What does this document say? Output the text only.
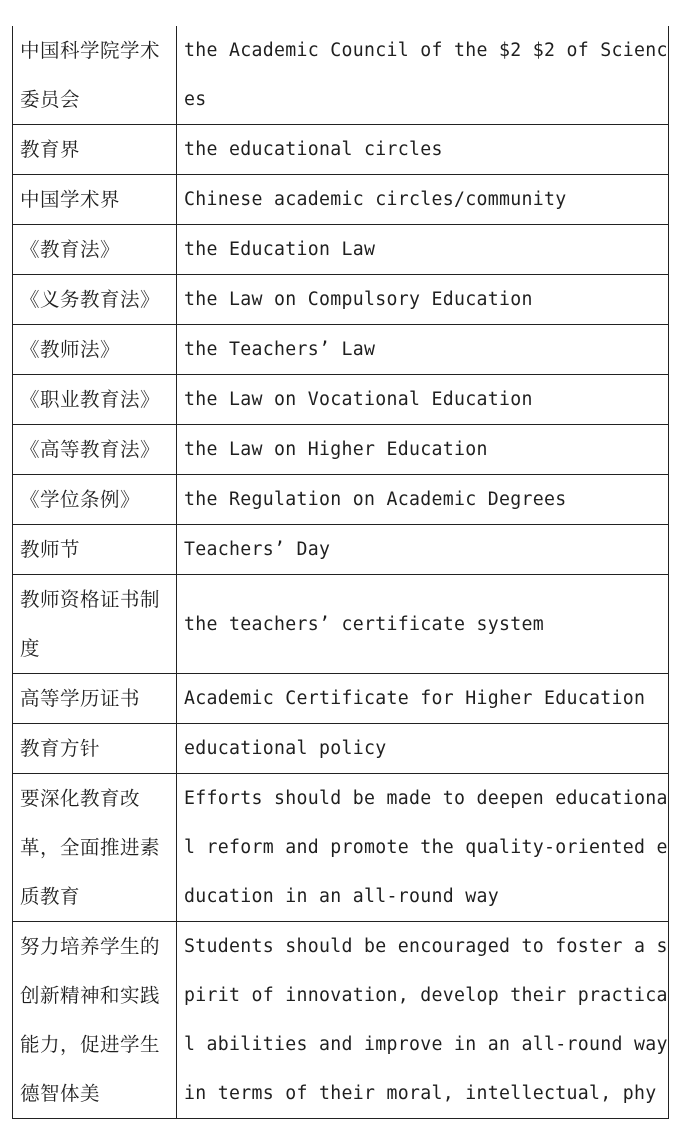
中国科学院学术委员会	the Academic Council of the $2 $2 of Scienc
es

教育界	the educational circles

中国学术界	Chinese academic circles/community

《教育法》	the Education Law

《义务教育法》	the Law on Compulsory Education

《教师法》	the Teachers’ Law

《职业教育法》	the Law on Vocational Education

《高等教育法》	the Law on Higher Education

《学位条例》	the Regulation on Academic Degrees

教师节	Teachers’ Day

教师资格证书制度	the teachers’ certificate system

高等学历证书	Academic Certificate for Higher Education

教育方针	educational policy

要深化教育改革，全面推进素质教育	Efforts should be made to deepen educationa
l reform and promote the quality-oriented e
ducation in an all-round way

努力培养学生的创新精神和实践能力，促进学生德智体美	Students should be encouraged to foster a s
pirit of innovation, develop their practica
l abilities and improve in an all-round way
in terms of their moral, intellectual, phy
